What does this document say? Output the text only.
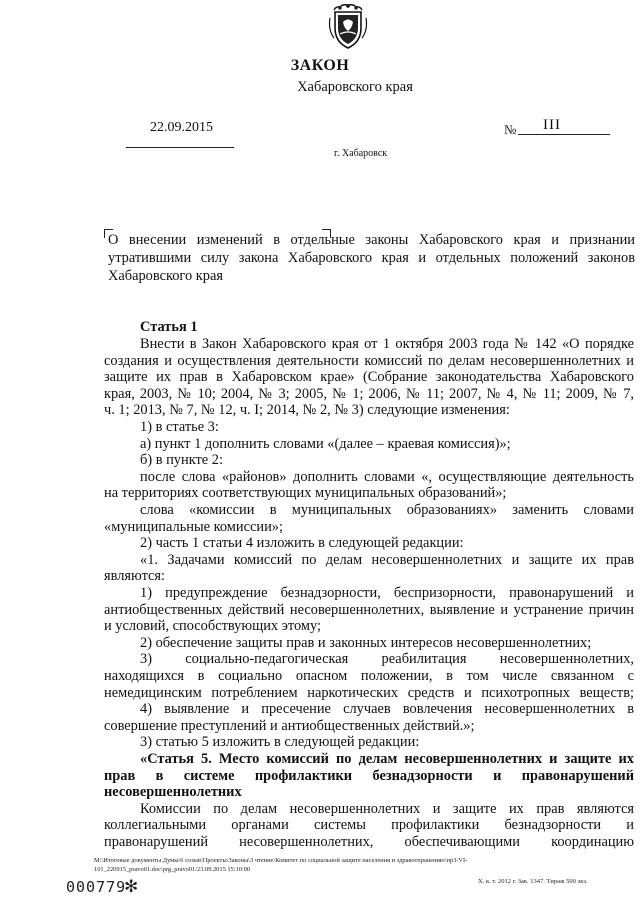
ЗАКОН
Хабаровского края
22.09.2015	№ III
г. Хабаровск
О внесении изменений в отдельные законы Хабаровского края и признании
утратившими силу закона Хабаровского края и отдельных положений законов
Хабаровского края
Статья 1
Внести в Закон Хабаровского края от 1 октября 2003 года № 142 «О порядке
создания и осуществления деятельности комиссий по делам несовершеннолетних и
защите их прав в Хабаровском крае» (Собрание законодательства Хабаровского
края, 2003, № 10; 2004, № 3; 2005, № 1; 2006, № 11; 2007, № 4, № 11; 2009, № 7,
ч. 1; 2013, № 7, № 12, ч. I; 2014, № 2, № 3) следующие изменения:
1) в статье 3:
а) пункт 1 дополнить словами «(далее – краевая комиссия)»;
б) в пункте 2:
после слова «районов» дополнить словами «, осуществляющие деятельность
на территориях соответствующих муниципальных образований»;
слова «комиссии в муниципальных образованиях» заменить словами
«муниципальные комиссии»;
2) часть 1 статьи 4 изложить в следующей редакции:
«1. Задачами комиссий по делам несовершеннолетних и защите их прав
являются:
1) предупреждение безнадзорности, беспризорности, правонарушений и
антиобщественных действий несовершеннолетних, выявление и устранение причин
и условий, способствующих этому;
2) обеспечение защиты прав и законных интересов несовершеннолетних;
3) социально-педагогическая реабилитация несовершеннолетних,
находящихся в социально опасном положении, в том числе связанном с
немедицинским потреблением наркотических средств и психотропных веществ;
4) выявление и пресечение случаев вовлечения несовершеннолетних в
совершение преступлений и антиобщественных действий.»;
3) статью 5 изложить в следующей редакции:
«Статья 5. Место комиссий по делам несовершеннолетних и защите их
прав в системе профилактики безнадзорности и правонарушений
несовершеннолетних
Комиссии по делам несовершеннолетних и защите их прав являются
M:\Итоговые документы Думы\6 созыв\Проекты\Законы\3 чтение\Комитет по социальной защите населения и здравоохранению\пр3-VI-
101_220915_pravo01.doc\prg_pravo01/23.09.2015 15:10:00
Х. к. т. 2012 г. Зак. 1347. Тираж 500 экз.
000779
✻
коллегиальными органами системы профилактики безнадзорности и
правонарушений несовершеннолетних, обеспечивающими координацию
